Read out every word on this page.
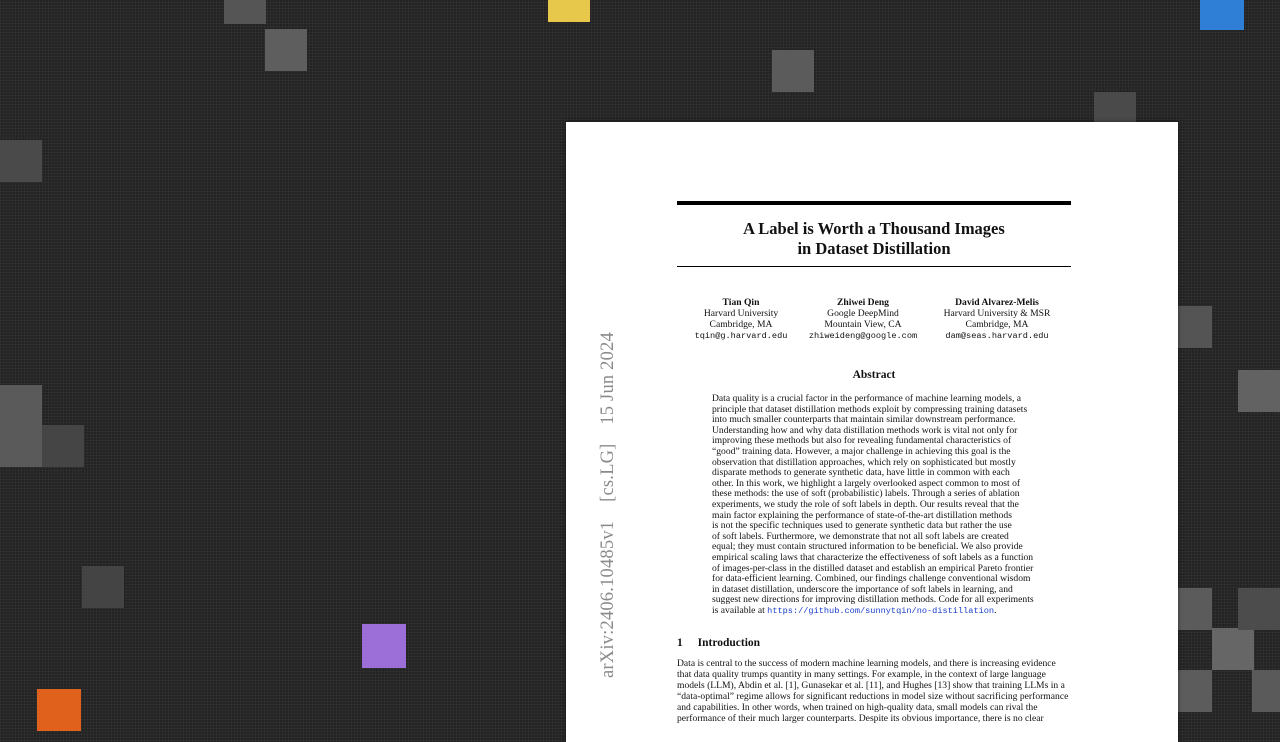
arXiv:2406.10485v1 [cs.LG] 15 Jun 2024
A Label is Worth a Thousand Images
in Dataset Distillation
Tian Qin
Harvard University
Cambridge, MA
tqin@g.harvard.edu
Zhiwei Deng
Google DeepMind
Mountain View, CA
zhiweideng@google.com
David Alvarez-Melis
Harvard University & MSR
Cambridge, MA
dam@seas.harvard.edu
Abstract
Data quality is a crucial factor in the performance of machine learning models, a
principle that dataset distillation methods exploit by compressing training datasets
into much smaller counterparts that maintain similar downstream performance.
Understanding how and why data distillation methods work is vital not only for
improving these methods but also for revealing fundamental characteristics of
“good” training data. However, a major challenge in achieving this goal is the
observation that distillation approaches, which rely on sophisticated but mostly
disparate methods to generate synthetic data, have little in common with each
other. In this work, we highlight a largely overlooked aspect common to most of
these methods: the use of soft (probabilistic) labels. Through a series of ablation
experiments, we study the role of soft labels in depth. Our results reveal that the
main factor explaining the performance of state-of-the-art distillation methods
is not the specific techniques used to generate synthetic data but rather the use
of soft labels. Furthermore, we demonstrate that not all soft labels are created
equal; they must contain structured information to be beneficial. We also provide
empirical scaling laws that characterize the effectiveness of soft labels as a function
of images-per-class in the distilled dataset and establish an empirical Pareto frontier
for data-efficient learning. Combined, our findings challenge conventional wisdom
in dataset distillation, underscore the importance of soft labels in learning, and
suggest new directions for improving distillation methods. Code for all experiments
is available at https://github.com/sunnytqin/no-distillation.
1 Introduction
Data is central to the success of modern machine learning models, and there is increasing evidence
that data quality trumps quantity in many settings. For example, in the context of large language
models (LLM), Abdin et al. [1], Gunasekar et al. [11], and Hughes [13] show that training LLMs in a
“data-optimal” regime allows for significant reductions in model size without sacrificing performance
and capabilities. In other words, when trained on high-quality data, small models can rival the
performance of their much larger counterparts. Despite its obvious importance, there is no clear
